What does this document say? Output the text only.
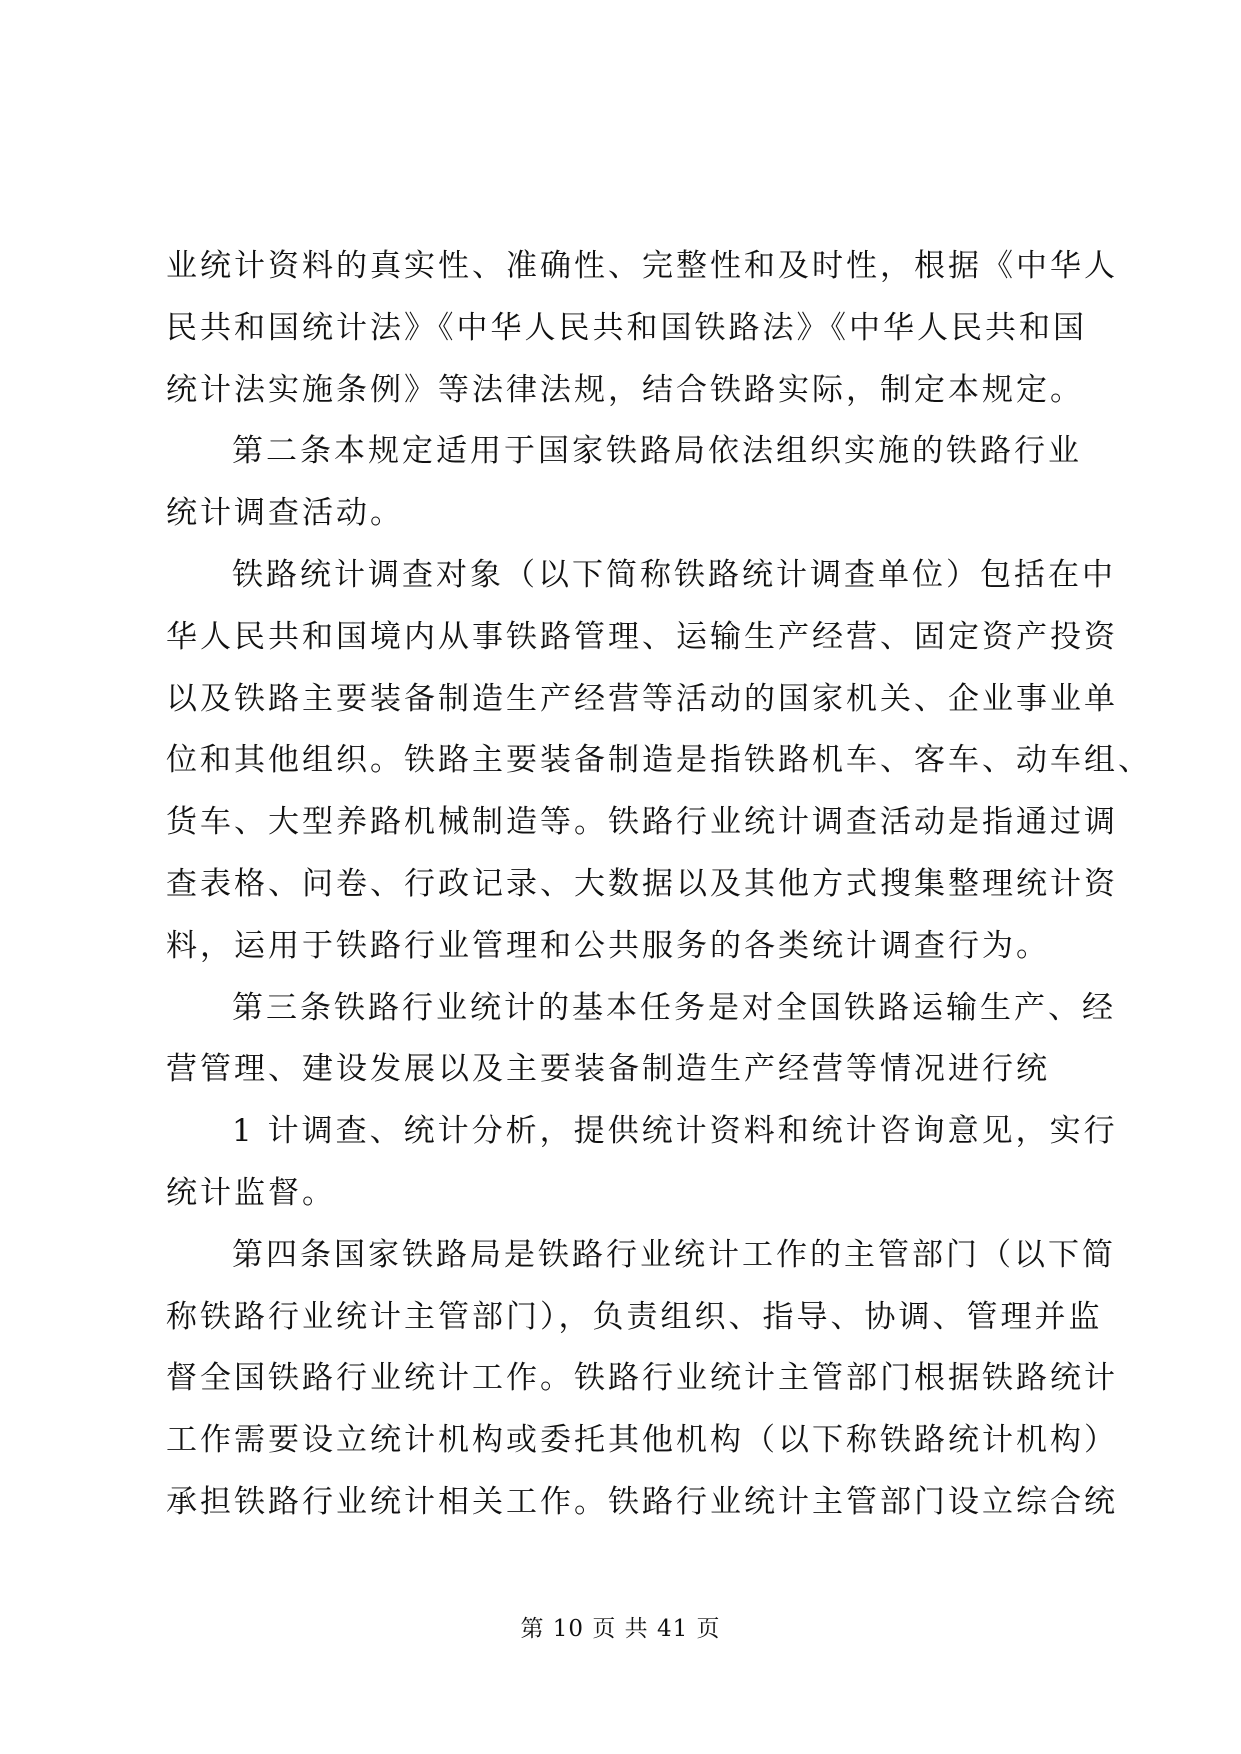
业统计资料的真实性、准确性、完整性和及时性，根据《中华人
民共和国统计法》《中华人民共和国铁路法》《中华人民共和国
统计法实施条例》等法律法规，结合铁路实际，制定本规定。
第二条本规定适用于国家铁路局依法组织实施的铁路行业
统计调查活动。
铁路统计调查对象（以下简称铁路统计调查单位）包括在中
华人民共和国境内从事铁路管理、运输生产经营、固定资产投资
以及铁路主要装备制造生产经营等活动的国家机关、企业事业单
位和其他组织。铁路主要装备制造是指铁路机车、客车、动车组、
货车、大型养路机械制造等。铁路行业统计调查活动是指通过调
查表格、问卷、行政记录、大数据以及其他方式搜集整理统计资
料，运用于铁路行业管理和公共服务的各类统计调查行为。
第三条铁路行业统计的基本任务是对全国铁路运输生产、经
营管理、建设发展以及主要装备制造生产经营等情况进行统
1 计调查、统计分析，提供统计资料和统计咨询意见，实行
统计监督。
第四条国家铁路局是铁路行业统计工作的主管部门（以下简
称铁路行业统计主管部门），负责组织、指导、协调、管理并监
督全国铁路行业统计工作。铁路行业统计主管部门根据铁路统计
工作需要设立统计机构或委托其他机构（以下称铁路统计机构）
承担铁路行业统计相关工作。铁路行业统计主管部门设立综合统
第 10 页 共 41 页
